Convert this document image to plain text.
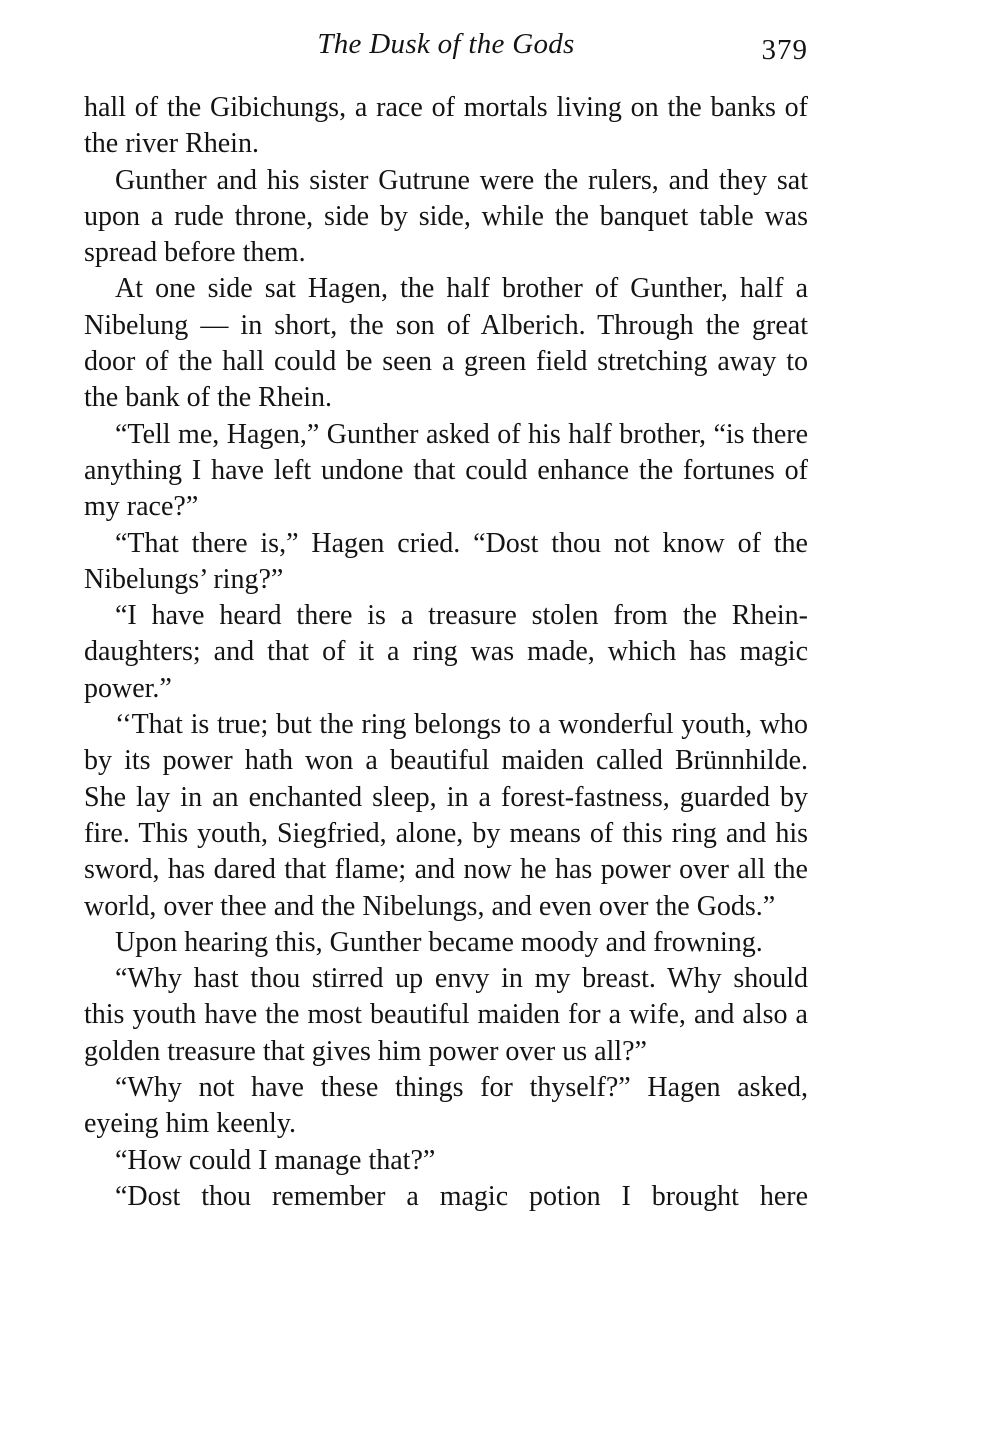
The Dusk of the Gods	379

hall of the Gibichungs, a race of mortals living on the banks of the river Rhein.

Gunther and his sister Gutrune were the rulers, and they sat upon a rude throne, side by side, while the banquet table was spread before them.

At one side sat Hagen, the half brother of Gunther, half a Nibelung — in short, the son of Alberich. Through the great door of the hall could be seen a green field stretching away to the bank of the Rhein.

“Tell me, Hagen,” Gunther asked of his half brother, “is there anything I have left undone that could enhance the fortunes of my race?”

“That there is,” Hagen cried. “Dost thou not know of the Nibelungs’ ring?”

“I have heard there is a treasure stolen from the Rhein-daughters; and that of it a ring was made, which has magic power.”

‘‘That is true; but the ring belongs to a wonderful youth, who by its power hath won a beautiful maiden called Brünnhilde. She lay in an enchanted sleep, in a forest-fastness, guarded by fire. This youth, Siegfried, alone, by means of this ring and his sword, has dared that flame; and now he has power over all the world, over thee and the Nibelungs, and even over the Gods.”

Upon hearing this, Gunther became moody and frowning.

“Why hast thou stirred up envy in my breast. Why should this youth have the most beautiful maiden for a wife, and also a golden treasure that gives him power over us all?”

“Why not have these things for thyself?” Hagen asked, eyeing him keenly.

“How could I manage that?”

“Dost thou remember a magic potion I brought here
